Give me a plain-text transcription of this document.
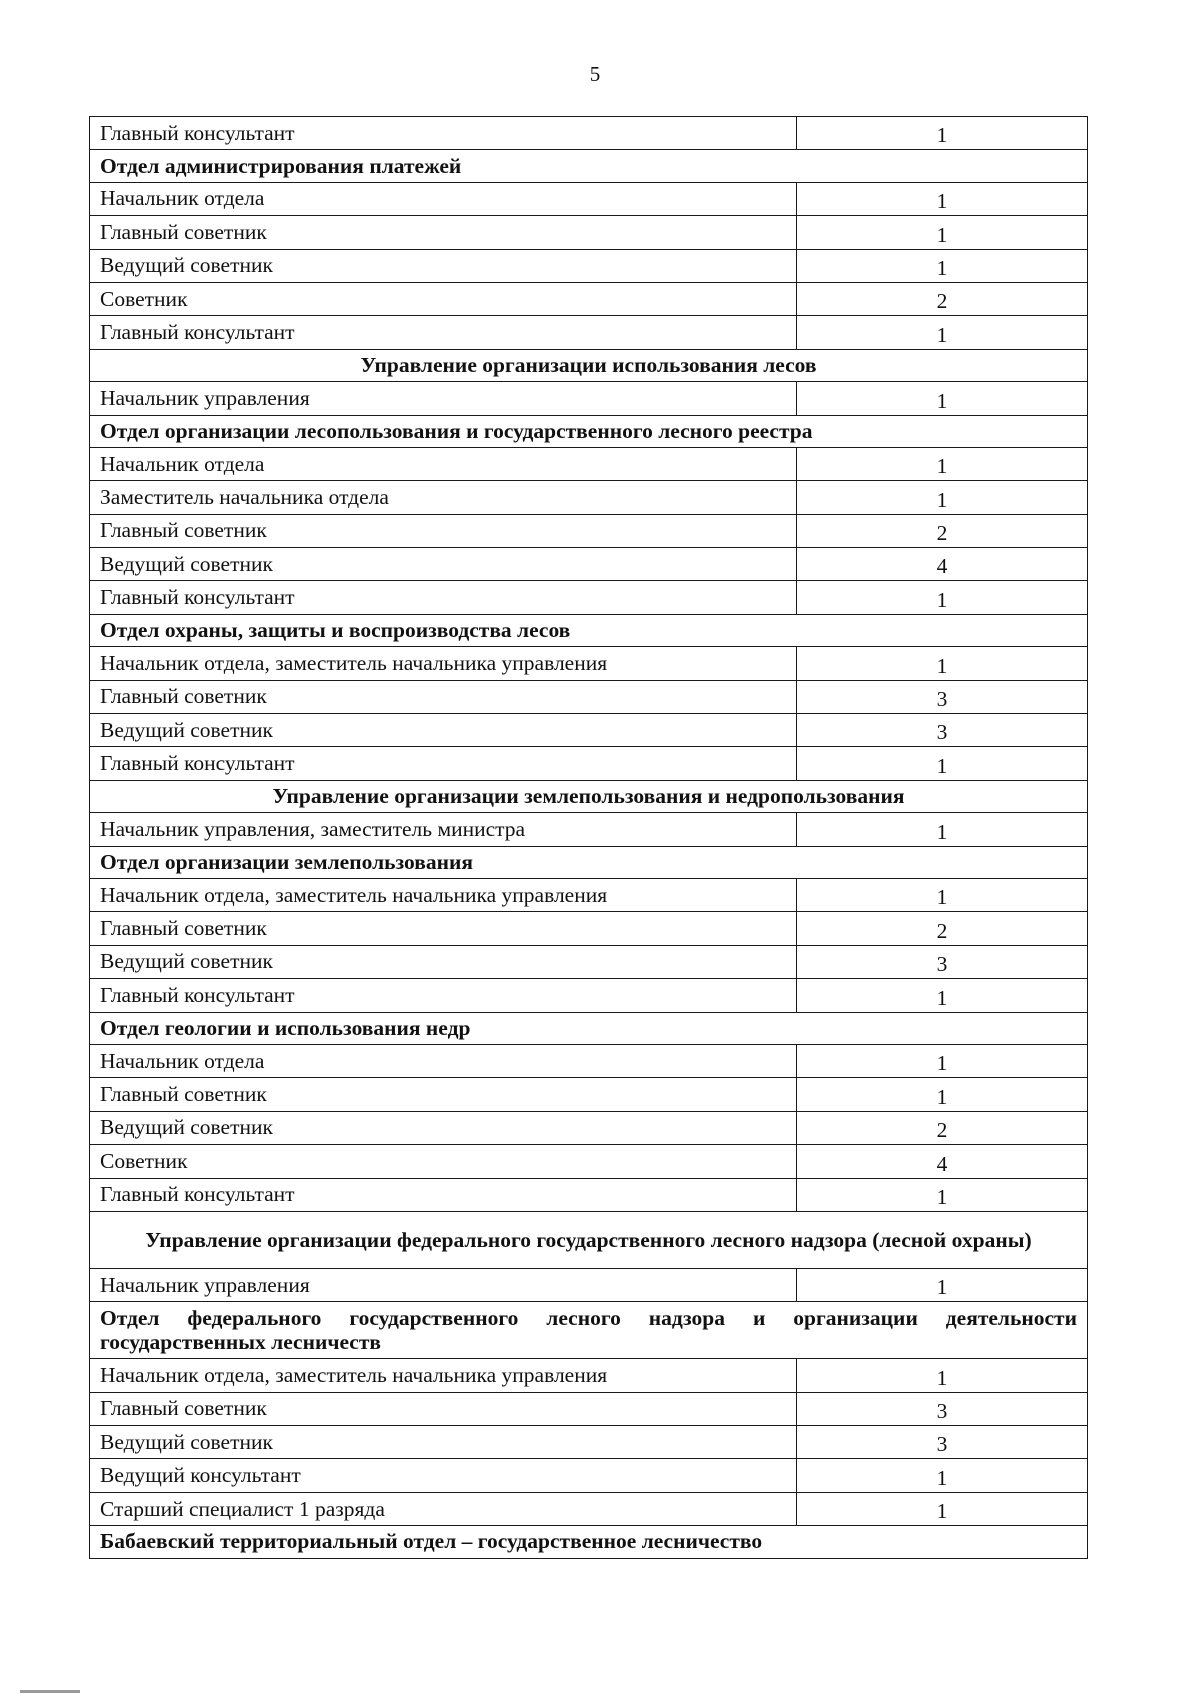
5
Главный консультант	1
Отдел администрирования платежей	
Начальник отдела	1
Главный советник	1
Ведущий советник	1
Советник	2
Главный консультант	1
Управление организации использования лесов	
Начальник управления	1
Отдел организации лесопользования и государственного лесного реестра	
Начальник отдела	1
Заместитель начальника отдела	1
Главный советник	2
Ведущий советник	4
Главный консультант	1
Отдел охраны, защиты и воспроизводства лесов	
Начальник отдела, заместитель начальника управления	1
Главный советник	3
Ведущий советник	3
Главный консультант	1
Управление организации землепользования и недропользования	
Начальник управления, заместитель министра	1
Отдел организации землепользования	
Начальник отдела, заместитель начальника управления	1
Главный советник	2
Ведущий советник	3
Главный консультант	1
Отдел геологии и использования недр	
Начальник отдела	1
Главный советник	1
Ведущий советник	2
Советник	4
Главный консультант	1
Управление организации федерального государственного лесного надзора (лесной охраны)	
Начальник управления	1
Отдел федерального государственного лесного надзора и организации деятельности государственных лесничеств	
Начальник отдела, заместитель начальника управления	1
Главный советник	3
Ведущий советник	3
Ведущий консультант	1
Старший специалист 1 разряда	1
Бабаевский территориальный отдел – государственное лесничество	
